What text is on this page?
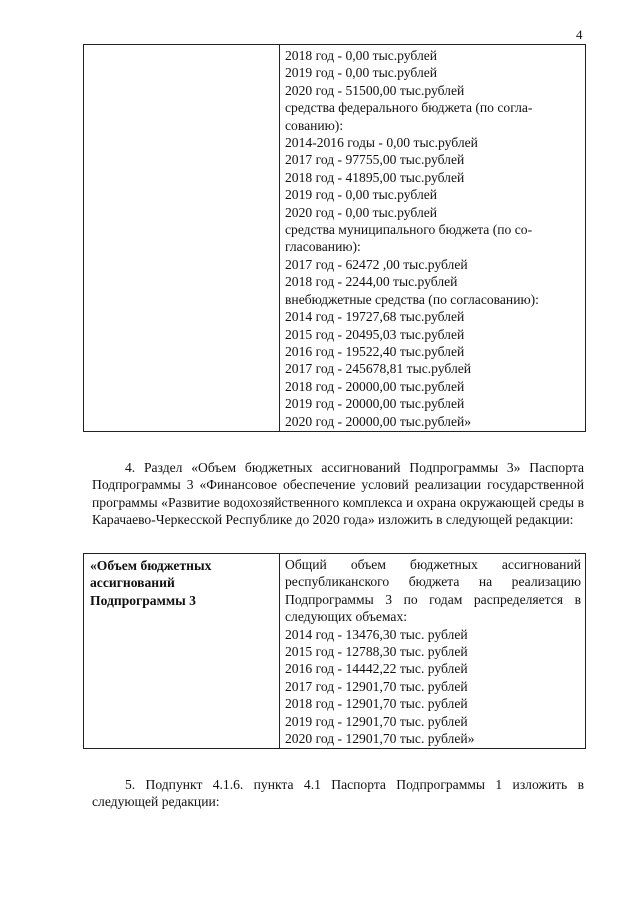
4

2018 год - 0,00 тыс.рублей
2019 год - 0,00 тыс.рублей
2020 год - 51500,00 тыс.рублей
средства федерального бюджета (по согла-
сованию):
2014-2016 годы - 0,00 тыс.рублей
2017 год - 97755,00 тыс.рублей
2018 год - 41895,00 тыс.рублей
2019 год - 0,00 тыс.рублей
2020 год - 0,00 тыс.рублей
средства муниципального бюджета (по со-
гласованию):
2017 год - 62472 ,00 тыс.рублей
2018 год - 2244,00 тыс.рублей
внебюджетные средства (по согласованию):
2014 год - 19727,68 тыс.рублей
2015 год - 20495,03 тыс.рублей
2016 год - 19522,40 тыс.рублей
2017 год - 245678,81 тыс.рублей
2018 год - 20000,00 тыс.рублей
2019 год - 20000,00 тыс.рублей
2020 год - 20000,00 тыс.рублей»

4. Раздел «Объем бюджетных ассигнований Подпрограммы 3» Паспорта Подпрограммы 3 «Финансовое обеспечение условий реализации государственной программы «Развитие водохозяйственного комплекса и охрана окружающей среды в Карачаево-Черкесской Республике до 2020 года» изложить в следующей редакции:

«Объем бюджетных ассигнований Подпрограммы 3

Общий объем бюджетных ассигнований республиканского бюджета на реализацию Подпрограммы 3 по годам распределяется в следующих объемах:
2014 год - 13476,30 тыс. рублей
2015 год - 12788,30 тыс. рублей
2016 год - 14442,22 тыс. рублей
2017 год - 12901,70 тыс. рублей
2018 год - 12901,70 тыс. рублей
2019 год - 12901,70 тыс. рублей
2020 год - 12901,70 тыс. рублей»

5. Подпункт 4.1.6. пункта 4.1 Паспорта Подпрограммы 1 изложить в следующей редакции:
